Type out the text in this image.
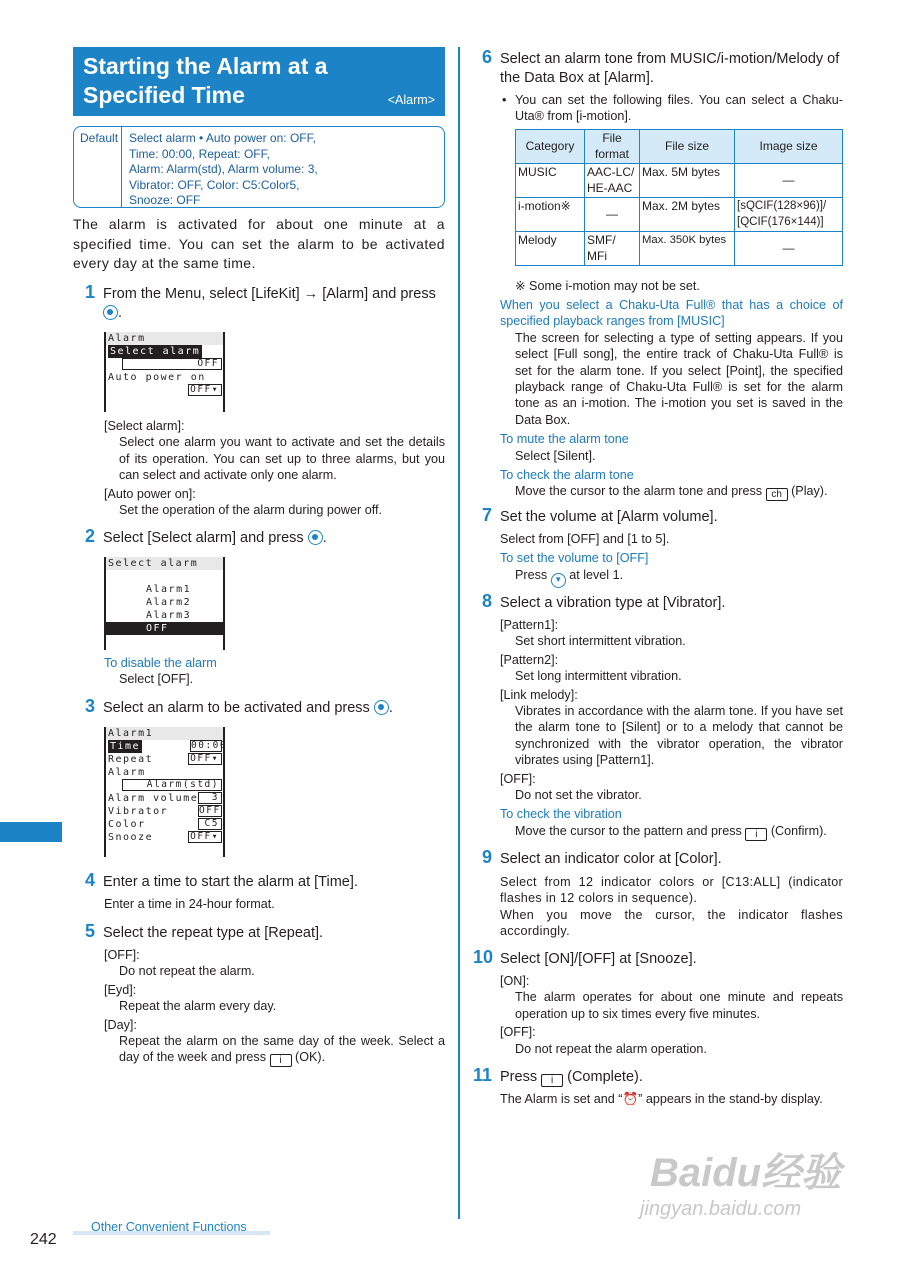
Starting the Alarm at a
Specified Time	<Alarm>
Default Select alarm • Auto power on: OFF,
Time: 00:00, Repeat: OFF,
Alarm: Alarm(std), Alarm volume: 3,
Vibrator: OFF, Color: C5:Color5,
Snooze: OFF
The alarm is activated for about one minute at a specified time. You can set the alarm to be activated every day at the same time.
1 From the Menu, select [LifeKit] → [Alarm] and press .
Alarm
Select alarm
OFF
Auto power on
OFF▾
[Select alarm]:
Select one alarm you want to activate and set the details of its operation. You can set up to three alarms, but you can select and activate only one alarm.
[Auto power on]:
Set the operation of the alarm during power off.
2 Select [Select alarm] and press .
Select alarm
Alarm1
Alarm2
Alarm3
OFF
To disable the alarm
Select [OFF].
3 Select an alarm to be activated and press .
Alarm1
Time	00:00
Repeat	OFF▾
Alarm
Alarm(std)
Alarm volume	3
Vibrator	OFF
Color	C5
Snooze	OFF▾
4 Enter a time to start the alarm at [Time].
Enter a time in 24-hour format.
5 Select the repeat type at [Repeat].
[OFF]:
Do not repeat the alarm.
[Eyd]:
Repeat the alarm every day.
[Day]:
Repeat the alarm on the same day of the week. Select a day of the week and press i (OK).
6 Select an alarm tone from MUSIC/i-motion/Melody of the Data Box at [Alarm].
• You can set the following files. You can select a Chaku-Uta® from [i-motion].
Category	File format	File size	Image size
MUSIC	AAC-LC/ HE-AAC	Max. 5M bytes	—
i-motion※	—	Max. 2M bytes	[sQCIF(128×96)]/ [QCIF(176×144)]
Melody	SMF/ MFi	Max. 350K bytes	—
※ Some i-motion may not be set.
When you select a Chaku-Uta Full® that has a choice of specified playback ranges from [MUSIC]
The screen for selecting a type of setting appears. If you select [Full song], the entire track of Chaku-Uta Full® is set for the alarm tone. If you select [Point], the specified playback range of Chaku-Uta Full® is set for the alarm tone as an i-motion. The i-motion you set is saved in the Data Box.
To mute the alarm tone
Select [Silent].
To check the alarm tone
Move the cursor to the alarm tone and press ch (Play).
7 Set the volume at [Alarm volume].
Select from [OFF] and [1 to 5].
To set the volume to [OFF]
Press ▼ at level 1.
8 Select a vibration type at [Vibrator].
[Pattern1]:
Set short intermittent vibration.
[Pattern2]:
Set long intermittent vibration.
[Link melody]:
Vibrates in accordance with the alarm tone. If you have set the alarm tone to [Silent] or to a melody that cannot be synchronized with the vibrator operation, the vibrator vibrates using [Pattern1].
[OFF]:
Do not set the vibrator.
To check the vibration
Move the cursor to the pattern and press i (Confirm).
9 Select an indicator color at [Color].
Select from 12 indicator colors or [C13:ALL] (indicator flashes in 12 colors in sequence).
When you move the cursor, the indicator flashes accordingly.
10 Select [ON]/[OFF] at [Snooze].
[ON]:
The alarm operates for about one minute and repeats operation up to six times every five minutes.
[OFF]:
Do not repeat the alarm operation.
11 Press i (Complete).
The Alarm is set and “⏰” appears in the stand-by display.
Other Convenient Functions
242
Baidu经验
jingyan.baidu.com
